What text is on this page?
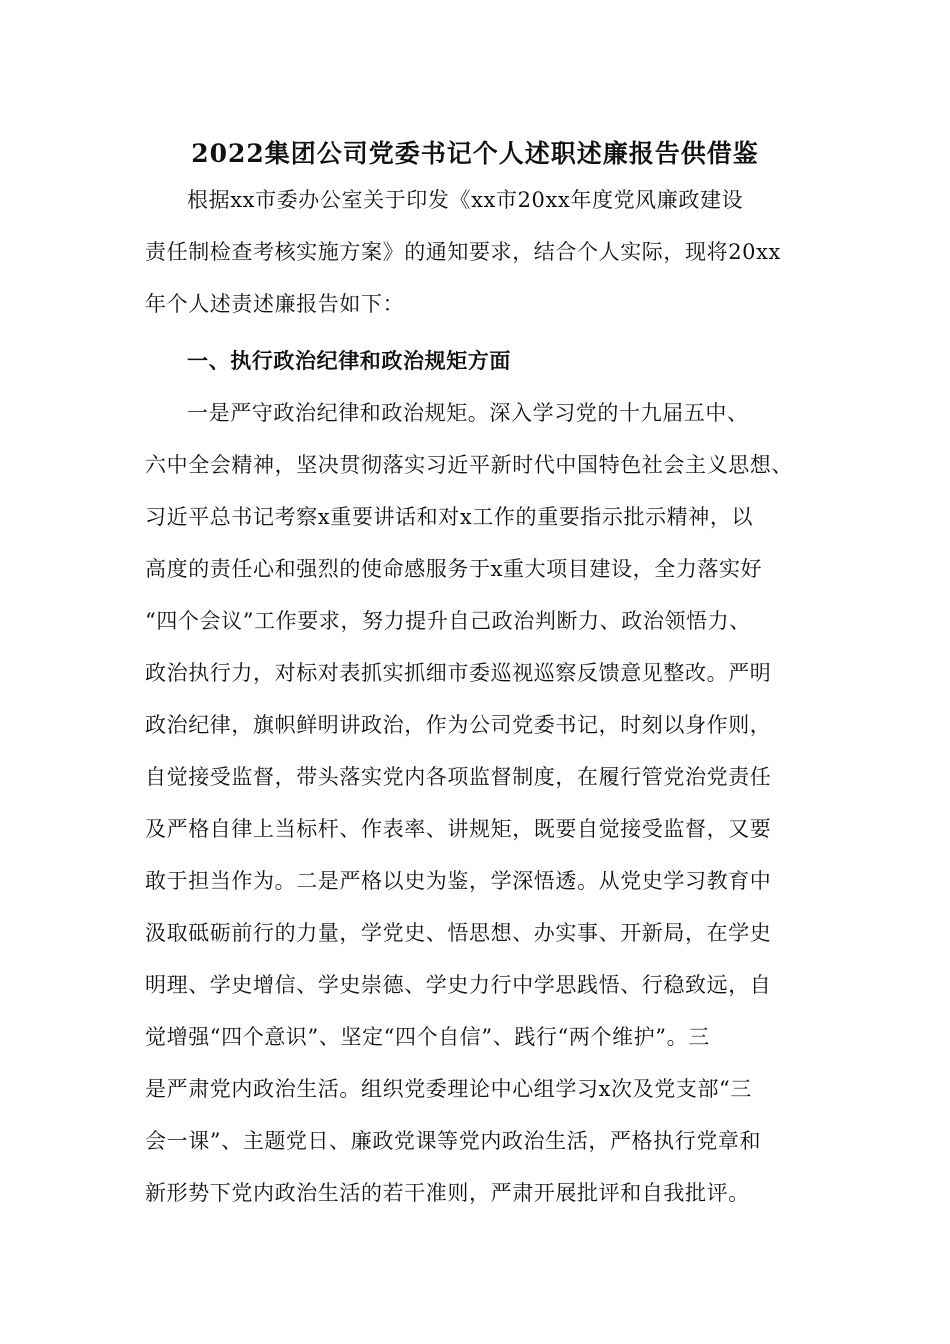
2022集团公司党委书记个人述职述廉报告供借鉴
根据xx市委办公室关于印发《xx市20xx年度党风廉政建设
责任制检查考核实施方案》的通知要求，结合个人实际，现将20xx
年个人述责述廉报告如下：
一、执行政治纪律和政治规矩方面
一是严守政治纪律和政治规矩。深入学习党的十九届五中、
六中全会精神，坚决贯彻落实习近平新时代中国特色社会主义思想、
习近平总书记考察x重要讲话和对x工作的重要指示批示精神，以
高度的责任心和强烈的使命感服务于x重大项目建设，全力落实好
“四个会议”工作要求，努力提升自己政治判断力、政治领悟力、
政治执行力，对标对表抓实抓细市委巡视巡察反馈意见整改。严明
政治纪律，旗帜鲜明讲政治，作为公司党委书记，时刻以身作则，
自觉接受监督，带头落实党内各项监督制度，在履行管党治党责任
及严格自律上当标杆、作表率、讲规矩，既要自觉接受监督，又要
敢于担当作为。二是严格以史为鉴，学深悟透。从党史学习教育中
汲取砥砺前行的力量，学党史、悟思想、办实事、开新局，在学史
明理、学史增信、学史崇德、学史力行中学思践悟、行稳致远，自
觉增强“四个意识”、坚定“四个自信”、践行“两个维护”。三
是严肃党内政治生活。组织党委理论中心组学习x次及党支部“三
会一课”、主题党日、廉政党课等党内政治生活，严格执行党章和
新形势下党内政治生活的若干准则，严肃开展批评和自我批评。
